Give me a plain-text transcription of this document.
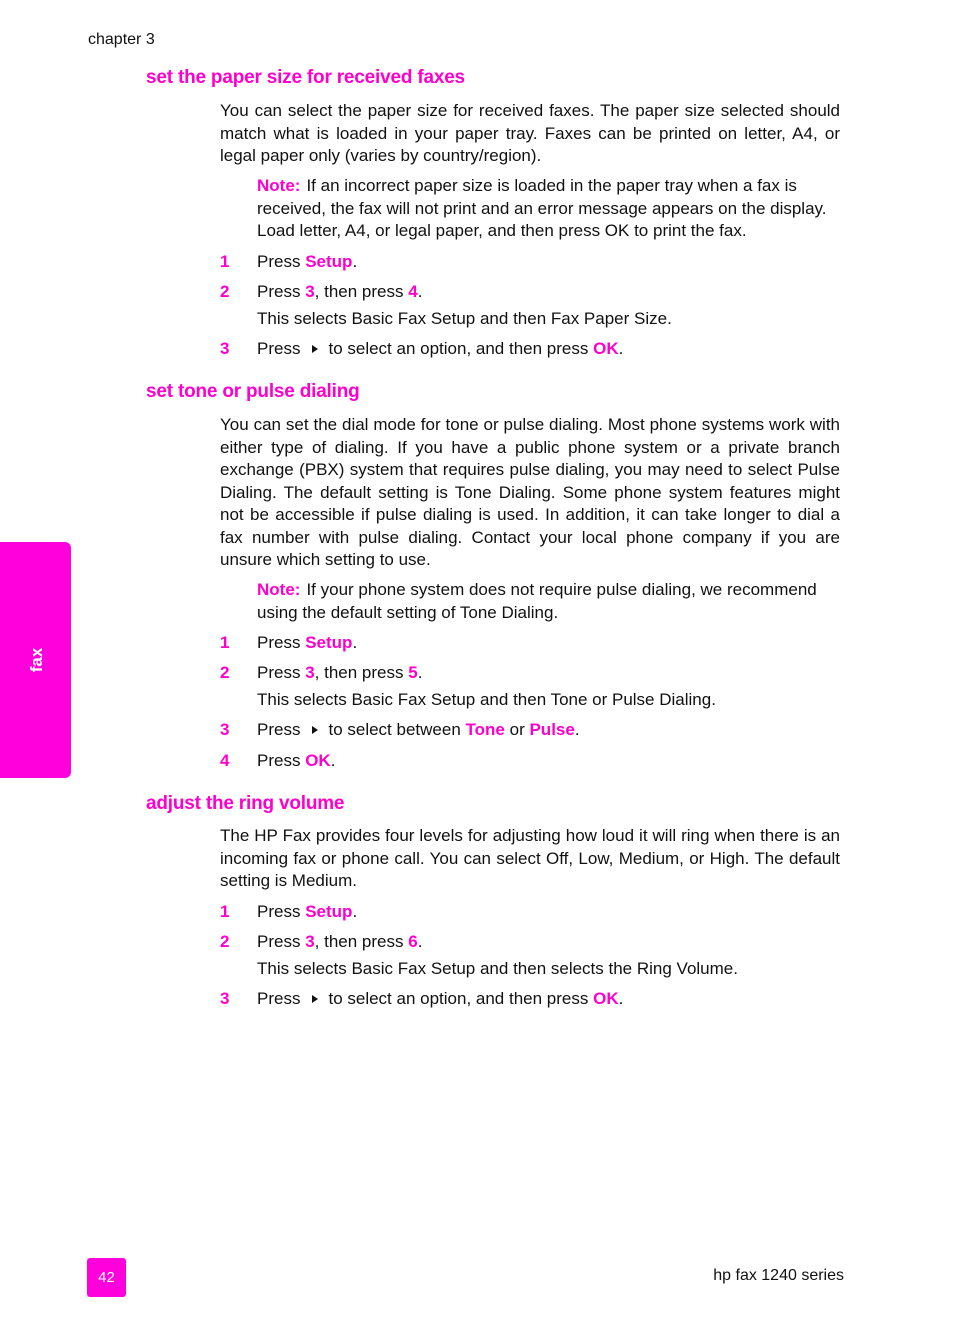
chapter 3
set the paper size for received faxes
You can select the paper size for received faxes. The paper size selected should match what is loaded in your paper tray. Faxes can be printed on letter, A4, or legal paper only (varies by country/region).
Note: If an incorrect paper size is loaded in the paper tray when a fax is received, the fax will not print and an error message appears on the display. Load letter, A4, or legal paper, and then press OK to print the fax.
1 Press Setup.
2 Press 3, then press 4.
This selects Basic Fax Setup and then Fax Paper Size.
3 Press to select an option, and then press OK.
set tone or pulse dialing
You can set the dial mode for tone or pulse dialing. Most phone systems work with either type of dialing. If you have a public phone system or a private branch exchange (PBX) system that requires pulse dialing, you may need to select Pulse Dialing. The default setting is Tone Dialing. Some phone system features might not be accessible if pulse dialing is used. In addition, it can take longer to dial a fax number with pulse dialing. Contact your local phone company if you are unsure which setting to use.
Note: If your phone system does not require pulse dialing, we recommend using the default setting of Tone Dialing.
1 Press Setup.
2 Press 3, then press 5.
This selects Basic Fax Setup and then Tone or Pulse Dialing.
3 Press to select between Tone or Pulse.
4 Press OK.
adjust the ring volume
The HP Fax provides four levels for adjusting how loud it will ring when there is an incoming fax or phone call. You can select Off, Low, Medium, or High. The default setting is Medium.
1 Press Setup.
2 Press 3, then press 6.
This selects Basic Fax Setup and then selects the Ring Volume.
3 Press to select an option, and then press OK.
fax
42	hp fax 1240 series
